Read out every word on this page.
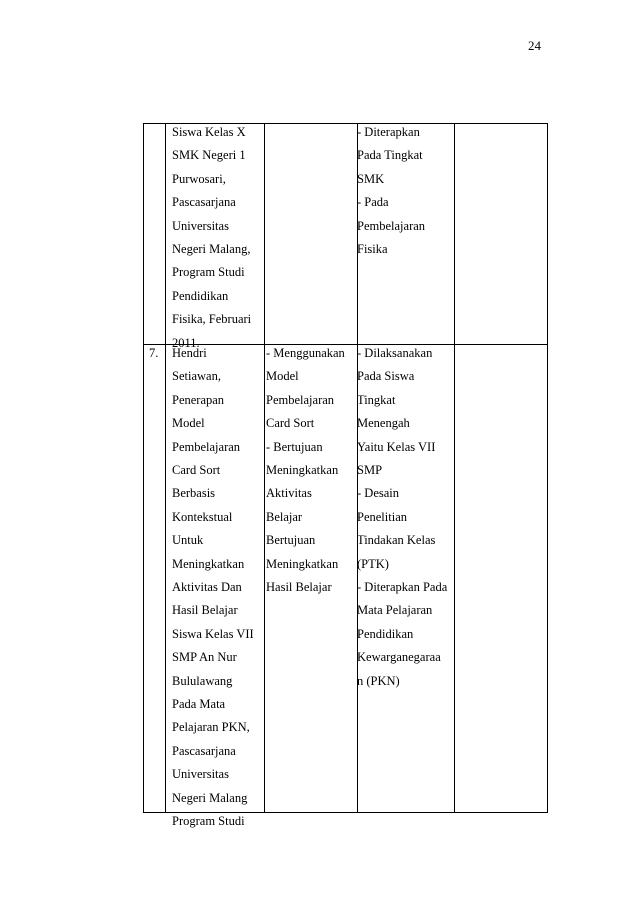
24
Siswa Kelas X
SMK Negeri 1
Purwosari,
Pascasarjana
Universitas
Negeri Malang,
Program Studi
Pendidikan
Fisika, Februari
2011.
- Diterapkan
Pada Tingkat
SMK
- Pada
Pembelajaran
Fisika
7. Hendri
Setiawan,
Penerapan
Model
Pembelajaran
Card Sort
Berbasis
Kontekstual
Untuk
Meningkatkan
Aktivitas Dan
Hasil Belajar
Siswa Kelas VII
SMP An Nur
Bululawang
Pada Mata
Pelajaran PKN,
Pascasarjana
Universitas
Negeri Malang
Program Studi
- Menggunakan
Model
Pembelajaran
Card Sort
- Bertujuan
Meningkatkan
Aktivitas
Belajar
Bertujuan
Meningkatkan
Hasil Belajar
- Dilaksanakan
Pada Siswa
Tingkat
Menengah
Yaitu Kelas VII
SMP
- Desain
Penelitian
Tindakan Kelas
(PTK)
- Diterapkan Pada
Mata Pelajaran
Pendidikan
Kewarganegaraa
n (PKN)
